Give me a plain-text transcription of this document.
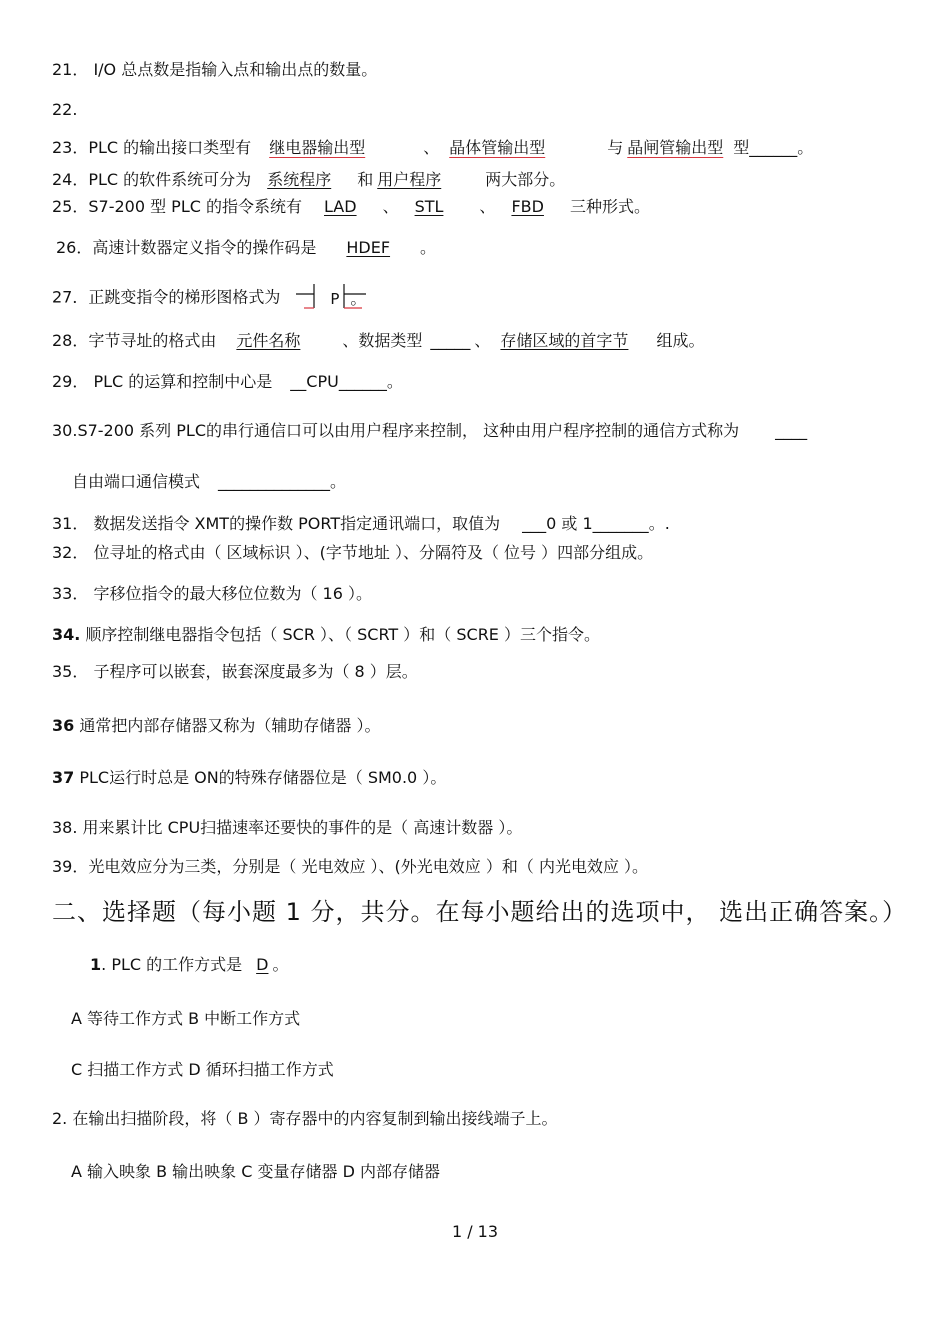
21． I/O 总点数是指输入点和输出点的数量。
22.
23．PLC 的输出接口类型有 继电器输出型	、 晶体管输出型	与 晶闸管输出型 型______。
24．PLC 的软件系统可分为 系统程序 和 用户程序	两大部分。
25．S7-200 型 PLC 的指令系统有 LAD 、 STL 、 FBD 三种形式。
26．高速计数器定义指令的操作码是 HDEF 。
27．正跳变指令的梯形图格式为	P 。
28．字节寻址的格式由 元件名称	、数据类型 _____ 、 存储区域的首字节 组成。
29． PLC 的运算和控制中心是 __CPU______。
30.S7-200 系列 PLC的串行通信口可以由用户程序来控制， 这种由用户程序控制的通信方式称为 ____
自由端口通信模式 ______________。
31． 数据发送指令 XMT的操作数 PORT指定通讯端口，取值为 ___0 或 1_______。.
32． 位寻址的格式由（ 区域标识 ）、(字节地址 ）、分隔符及（ 位号 ）四部分组成。
33． 字移位指令的最大移位位数为（ 16 ）。
34. 顺序控制继电器指令包括（ SCR ）、（ SCRT ）和（ SCRE ）三个指令。
35． 子程序可以嵌套，嵌套深度最多为（ 8 ）层。
36 通常把内部存储器又称为（辅助存储器 ）。
37 PLC运行时总是 ON的特殊存储器位是（ SM0.0 ）。
38. 用来累计比 CPU扫描速率还要快的事件的是（ 高速计数器 ）。
39．光电效应分为三类，分别是（ 光电效应 ）、(外光电效应 ）和（ 内光电效应 ）。
二、选择题（每小题 1 分，共分。在每小题给出的选项中， 选出正确答案。）
1. PLC 的工作方式是 D 。
A 等待工作方式 B 中断工作方式
C 扫描工作方式 D 循环扫描工作方式
2. 在输出扫描阶段，将（ B ）寄存器中的内容复制到输出接线端子上。
A 输入映象 B 输出映象 C 变量存储器 D 内部存储器
1 / 13
